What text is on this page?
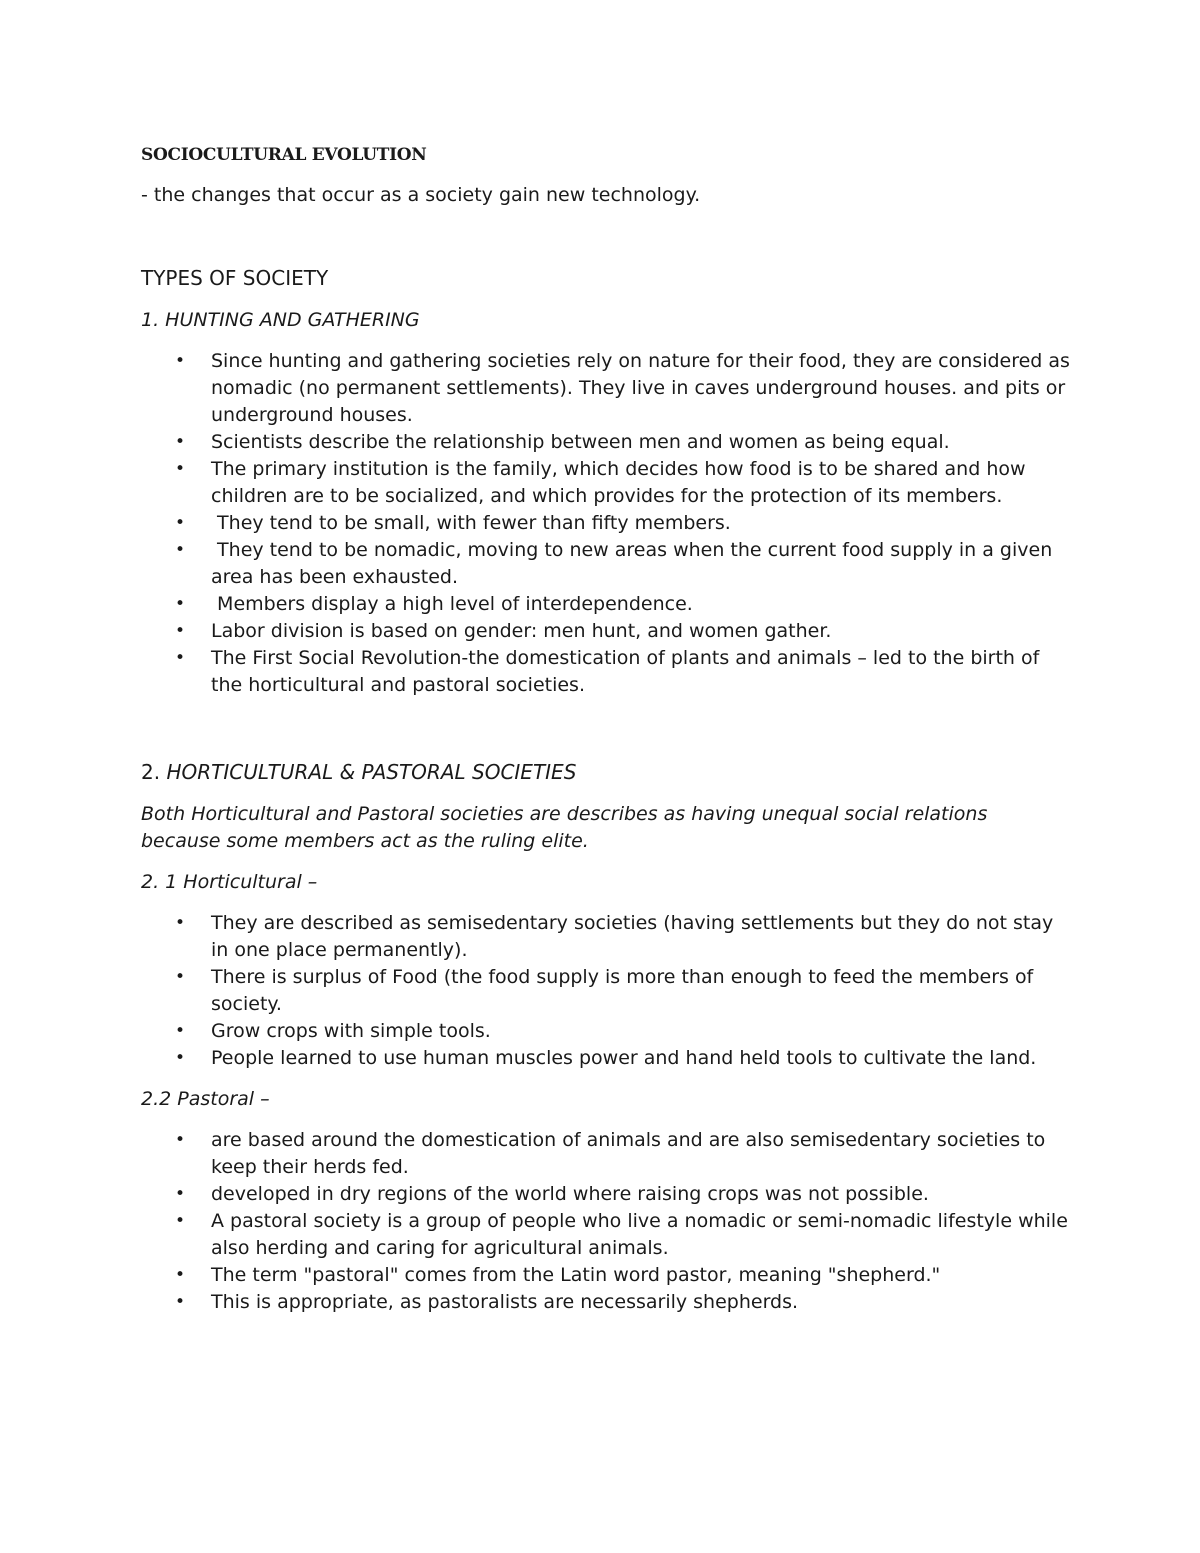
SOCIOCULTURAL EVOLUTION

- the changes that occur as a society gain new technology.

TYPES OF SOCIETY

1. HUNTING AND GATHERING

• Since hunting and gathering societies rely on nature for their food, they are considered as nomadic (no permanent settlements). They live in caves underground houses. and pits or underground houses.
• Scientists describe the relationship between men and women as being equal.
• The primary institution is the family, which decides how food is to be shared and how children are to be socialized, and which provides for the protection of its members.
• They tend to be small, with fewer than fifty members.
• They tend to be nomadic, moving to new areas when the current food supply in a given area has been exhausted.
• Members display a high level of interdependence.
• Labor division is based on gender: men hunt, and women gather.
• The First Social Revolution-the domestication of plants and animals – led to the birth of the horticultural and pastoral societies.
2. HORTICULTURAL & PASTORAL SOCIETIES

Both Horticultural and Pastoral societies are describes as having unequal social relations because some members act as the ruling elite.

2. 1 Horticultural –

• They are described as semisedentary societies (having settlements but they do not stay in one place permanently).
• There is surplus of Food (the food supply is more than enough to feed the members of society.
• Grow crops with simple tools.
• People learned to use human muscles power and hand held tools to cultivate the land.

2.2 Pastoral –

• are based around the domestication of animals and are also semisedentary societies to keep their herds fed.
• developed in dry regions of the world where raising crops was not possible.
• A pastoral society is a group of people who live a nomadic or semi-nomadic lifestyle while also herding and caring for agricultural animals.
• The term "pastoral" comes from the Latin word pastor, meaning "shepherd."
• This is appropriate, as pastoralists are necessarily shepherds.
